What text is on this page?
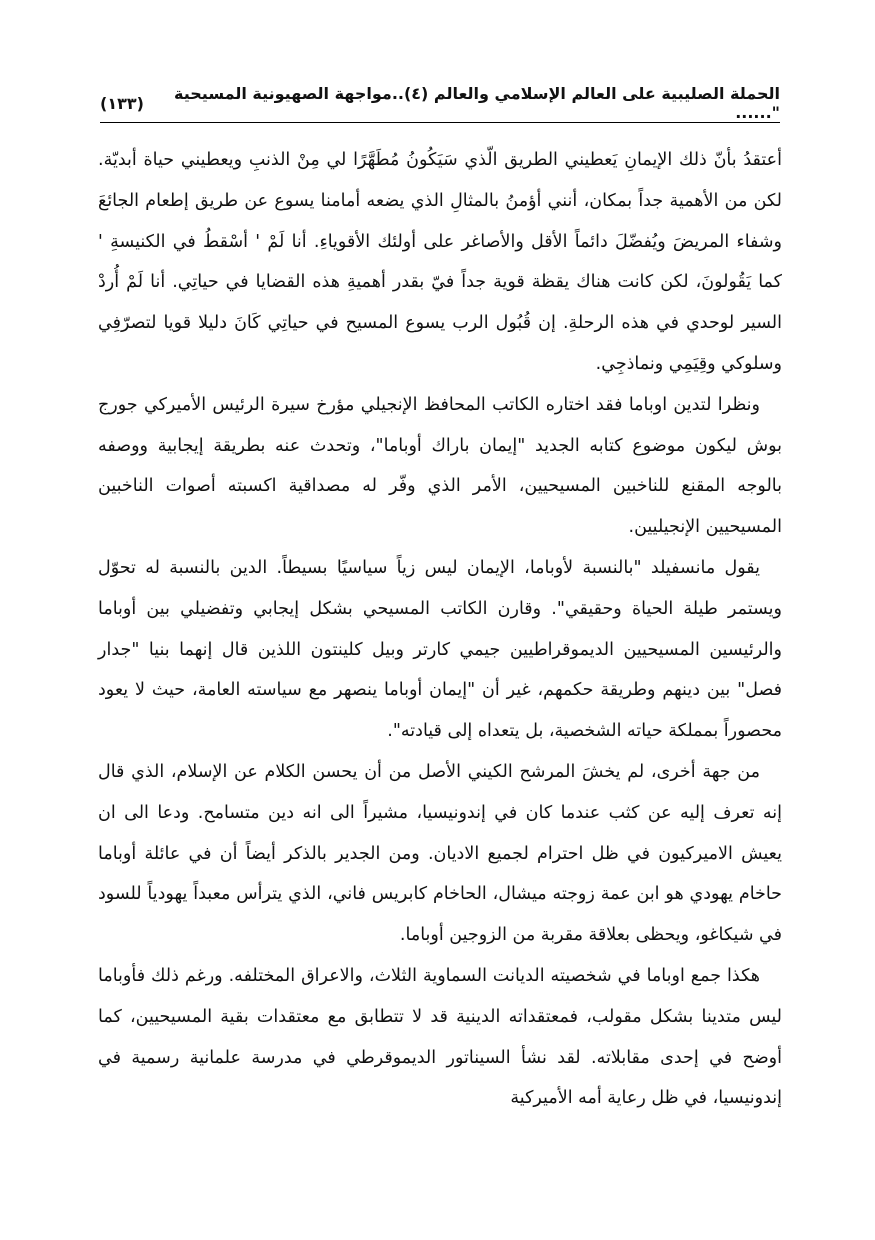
الحملة الصليبية على العالم الإسلامي والعالم (٤)..مواجهة الصهيونية المسيحية "......
(١٣٣)

أعتقدُ بأنّ ذلك الإيمانِ يَعطيني الطريق الّذي سَيَكُونُ مُطَهَّرًا لي مِنْ الذنبِ ويعطيني حياة أبديّة. لكن من الأهمية جداً بمكان، أنني أؤمنُ بالمثالِ الذي يضعه أمامنا يسوع عن طريق إطعام الجائعَ وشفاء المريضَ ويُفضّلَ دائماً الأقل والأصاغر على أولئك الأقوياءِ. أنا لَمْ ' أسْقطُ في الكنيسةِ ' كما يَقُولونَ، لكن كانت هناك يقظة قوية جداً فيّ بقدر أهميةِ هذه القضايا في حياتِي. أنا لَمْ أُردْ السير لوحدي في هذه الرحلةِ. إن قُبُول الرب يسوع المسيح في حياتِي كَانَ دليلا قويا لتصرّفِي وسلوكي وقِيَمِي ونماذجِي.

ونظرا لتدين اوباما فقد اختاره الكاتب المحافظ الإنجيلي مؤرخ سيرة الرئيس الأميركي جورج بوش ليكون موضوع كتابه الجديد "إيمان باراك أوباما"، وتحدث عنه بطريقة إيجابية ووصفه بالوجه المقنع للناخبين المسيحيين، الأمر الذي وفّر له مصداقية اكسبته أصوات الناخبين المسيحيين الإنجيليين.

يقول مانسفيلد "بالنسبة لأوباما، الإيمان ليس زياً سياسيًا بسيطاً. الدين بالنسبة له تحوّل ويستمر طيلة الحياة وحقيقي". وقارن الكاتب المسيحي بشكل إيجابي وتفضيلي بين أوباما والرئيسين المسيحيين الديموقراطيين جيمي كارتر وبيل كلينتون اللذين قال إنهما بنيا "جدار فصل" بين دينهم وطريقة حكمهم، غير أن "إيمان أوباما ينصهر مع سياسته العامة، حيث لا يعود محصوراً بمملكة حياته الشخصية، بل يتعداه إلى قيادته".

من جهة أخرى، لم يخشَ المرشح الكيني الأصل من أن يحسن الكلام عن الإسلام، الذي قال إنه تعرف إليه عن كثب عندما كان في إندونيسيا، مشيراً الى انه دين متسامح. ودعا الى ان يعيش الاميركيون في ظل احترام لجميع الاديان. ومن الجدير بالذكر أيضاً أن في عائلة أوباما حاخام يهودي هو ابن عمة زوجته ميشال، الحاخام كابريس فاني، الذي يترأس معبداً يهودياً للسود في شيكاغو، ويحظى بعلاقة مقربة من الزوجين أوباما.

هكذا جمع اوباما في شخصيته الديانت السماوية الثلاث، والاعراق المختلفه. ورغم ذلك فأوباما ليس متدينا بشكل مقولب، فمعتقداته الدينية قد لا تتطابق مع معتقدات بقية المسيحيين، كما أوضح في إحدى مقابلاته. لقد نشأ السيناتور الديموقرطي في مدرسة علمانية رسمية في إندونيسيا، في ظل رعاية أمه الأميركية
